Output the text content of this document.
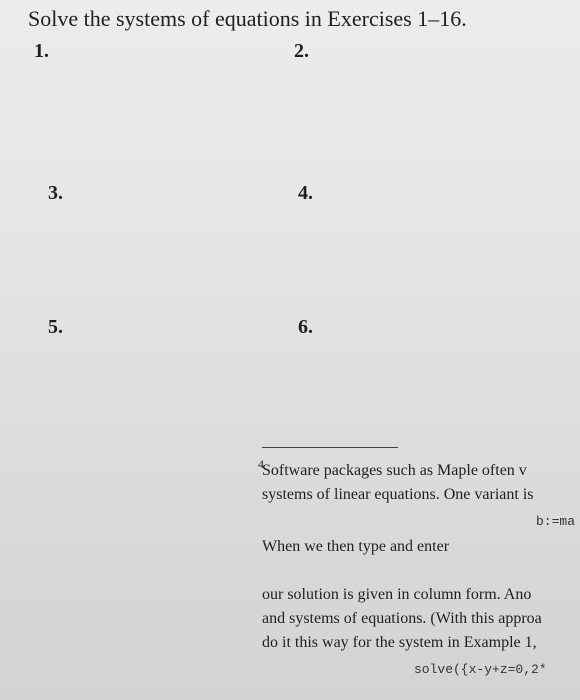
Solve the systems of equations in Exercises 1–16.
1.	2.
3.	4.
5.	6.
4
Software packages such as Maple often v
systems of linear equations. One variant is
b:=ma
When we then type and enter
our solution is given in column form. Ano
and systems of equations. (With this approa
do it this way for the system in Example 1,
solve({x-y+z=0,2*
